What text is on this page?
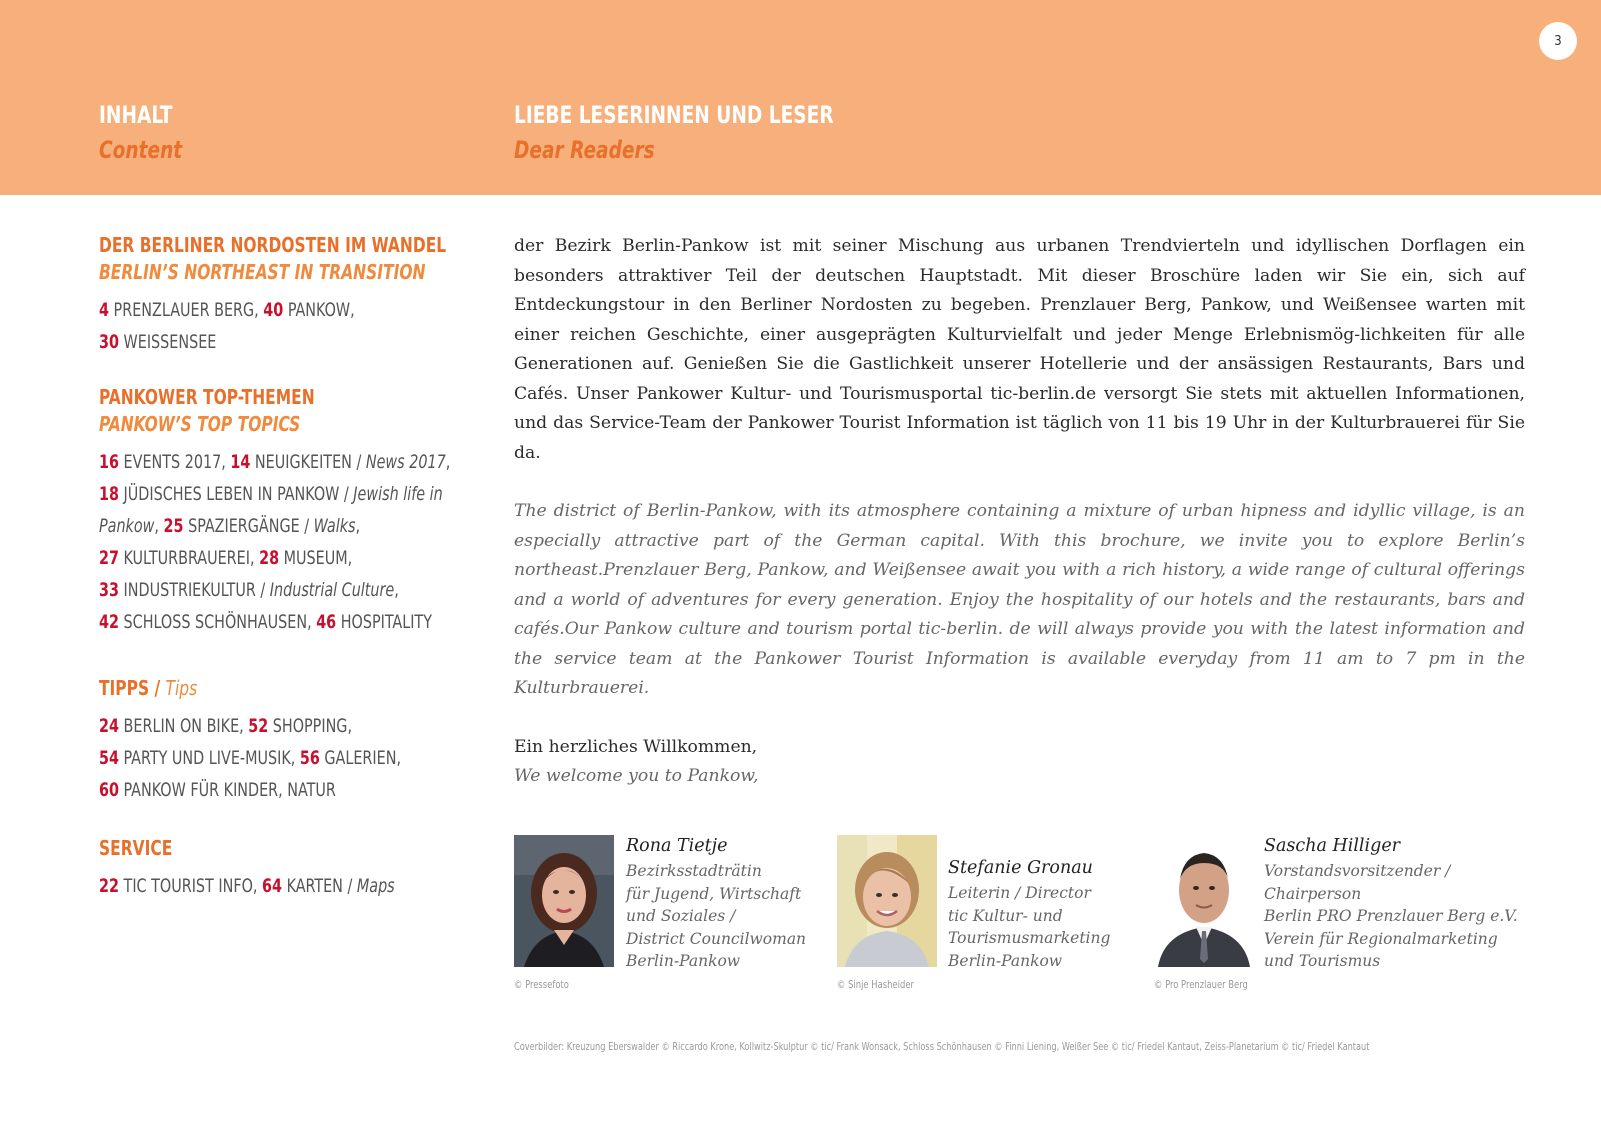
3
INHALT
Content
LIEBE LESERINNEN UND LESER
Dear Readers
DER BERLINER NORDOSTEN IM WANDEL
BERLIN’S NORTHEAST IN TRANSITION
4 PRENZLAUER BERG, 40 PANKOW,
30 WEISSENSEE
PANKOWER TOP-THEMEN
PANKOW’S TOP TOPICS
16 EVENTS 2017, 14 NEUIGKEITEN / News 2017,
18 JÜDISCHES LEBEN IN PANKOW / Jewish life in
Pankow, 25 SPAZIERGÄNGE / Walks,
27 KULTURBRAUEREI, 28 MUSEUM,
33 INDUSTRIEKULTUR / Industrial Culture,
42 SCHLOSS SCHÖNHAUSEN, 46 HOSPITALITY
TIPPS / Tips
24 BERLIN ON BIKE, 52 SHOPPING,
54 PARTY UND LIVE-MUSIK, 56 GALERIEN,
60 PANKOW FÜR KINDER, NATUR
SERVICE
22 TIC TOURIST INFO, 64 KARTEN / Maps

der Bezirk Berlin-Pankow ist mit seiner Mischung aus urbanen Trendvierteln und idyllischen Dorflagen ein besonders attraktiver Teil der deutschen Hauptstadt. Mit dieser Broschüre laden wir Sie ein, sich auf Entdeckungstour in den Berliner Nordosten zu begeben. Prenzlauer Berg, Pankow, und Weißensee warten mit einer reichen Geschichte, einer ausgeprägten Kulturvielfalt und jeder Menge Erlebnismög-lichkeiten für alle Generationen auf. Genießen Sie die Gastlichkeit unserer Hotellerie und der ansässigen Restaurants, Bars und Cafés. Unser Pankower Kultur- und Tourismusportal tic-berlin.de versorgt Sie stets mit aktuellen Informationen, und das Service-Team der Pankower Tourist Information ist täglich von 11 bis 19 Uhr in der Kulturbrauerei für Sie da.

The district of Berlin-Pankow, with its atmosphere containing a mixture of urban hipness and idyllic village, is an especially attractive part of the German capital. With this brochure, we invite you to explore Berlin’s northeast.Prenzlauer Berg, Pankow, and Weißensee await you with a rich history, a wide range of cultural offerings and a world of adventures for every generation. Enjoy the hospitality of our hotels and the restaurants, bars and cafés.Our Pankow culture and tourism portal tic-berlin. de will always provide you with the latest information and the service team at the Pankower Tourist Information is available everyday from 11 am to 7 pm in the Kulturbrauerei.

Ein herzliches Willkommen,
We welcome you to Pankow,
Rona Tietje
Bezirksstadträtin
für Jugend, Wirtschaft
und Soziales /
District Councilwoman
Berlin-Pankow
© Pressefoto
Stefanie Gronau
Leiterin / Director
tic Kultur- und
Tourismusmarketing
Berlin-Pankow
© Sinje Hasheider
Sascha Hilliger
Vorstandsvorsitzender /
Chairperson
Berlin PRO Prenzlauer Berg e.V.
Verein für Regionalmarketing
und Tourismus
© Pro Prenzlauer Berg
Coverbilder: Kreuzung Eberswalder © Riccardo Krone, Kollwitz-Skulptur © tic/ Frank Wonsack, Schloss Schönhausen © Finni Liening, Weißer See © tic/ Friedel Kantaut, Zeiss-Planetarium © tic/ Friedel Kantaut
